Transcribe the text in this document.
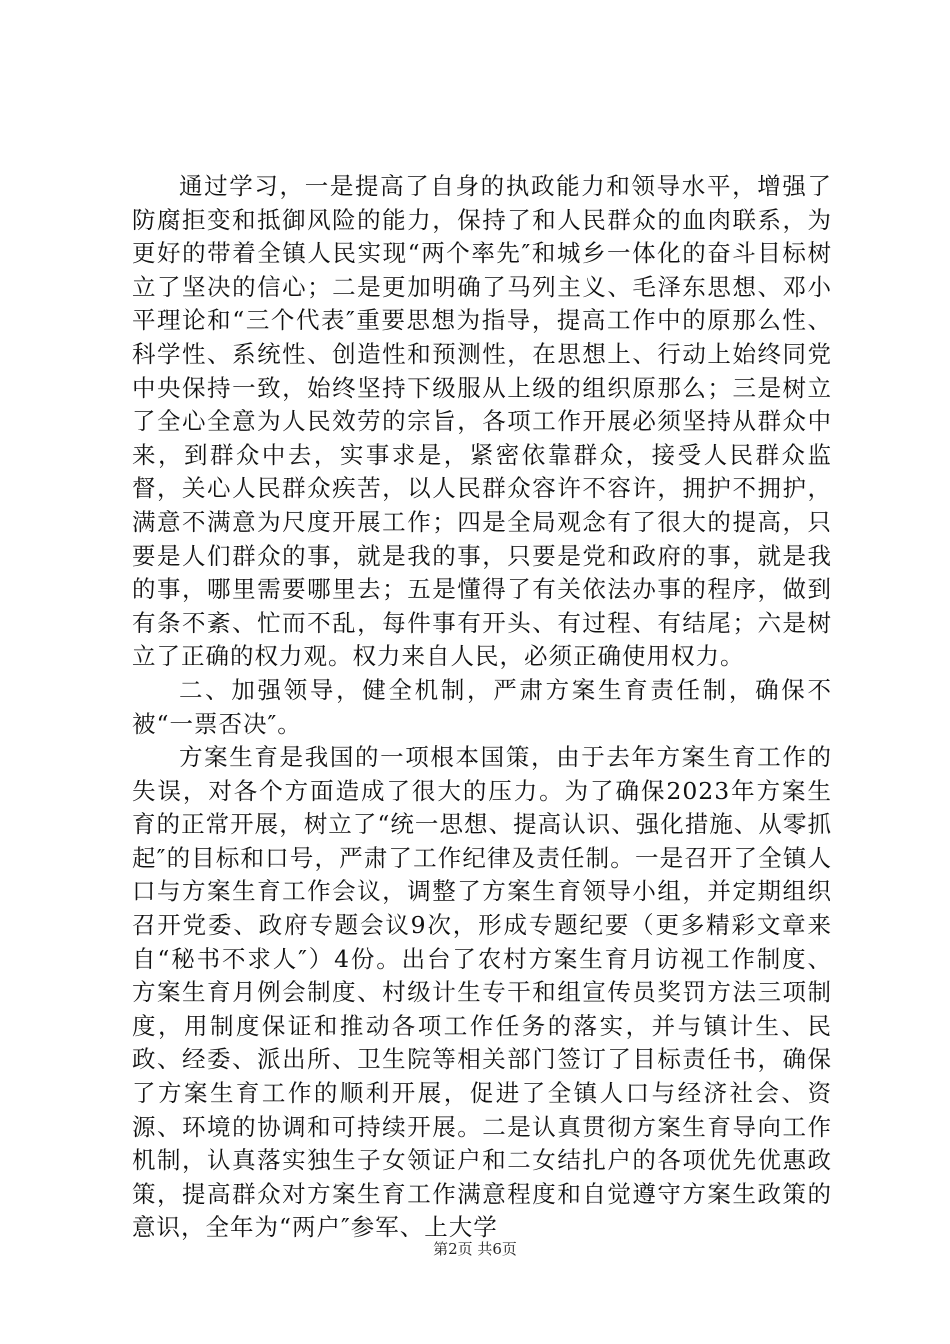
通过学习，一是提高了自身的执政能力和领导水平，增强了防腐拒变和抵御风险的能力，保持了和人民群众的血肉联系，为更好的带着全镇人民实现“两个率先″和城乡一体化的奋斗目标树立了坚决的信心；二是更加明确了马列主义、毛泽东思想、邓小平理论和“三个代表″重要思想为指导，提高工作中的原那么性、科学性、系统性、创造性和预测性，在思想上、行动上始终同党中央保持一致，始终坚持下级服从上级的组织原那么；三是树立了全心全意为人民效劳的宗旨，各项工作开展必须坚持从群众中来，到群众中去，实事求是，紧密依靠群众，接受人民群众监督，关心人民群众疾苦，以人民群众容许不容许，拥护不拥护，满意不满意为尺度开展工作；四是全局观念有了很大的提高，只要是人们群众的事，就是我的事，只要是党和政府的事，就是我的事，哪里需要哪里去；五是懂得了有关依法办事的程序，做到有条不紊、忙而不乱，每件事有开头、有过程、有结尾；六是树立了正确的权力观。权力来自人民，必须正确使用权力。

二、加强领导，健全机制，严肃方案生育责任制，确保不被“一票否决″。

方案生育是我国的一项根本国策，由于去年方案生育工作的失误，对各个方面造成了很大的压力。为了确保2023年方案生育的正常开展，树立了“统一思想、提高认识、强化措施、从零抓起″的目标和口号，严肃了工作纪律及责任制。一是召开了全镇人口与方案生育工作会议，调整了方案生育领导小组，并定期组织召开党委、政府专题会议9次，形成专题纪要（更多精彩文章来自“秘书不求人″）4份。出台了农村方案生育月访视工作制度、方案生育月例会制度、村级计生专干和组宣传员奖罚方法三项制度，用制度保证和推动各项工作任务的落实，并与镇计生、民政、经委、派出所、卫生院等相关部门签订了目标责任书，确保了方案生育工作的顺利开展，促进了全镇人口与经济社会、资源、环境的协调和可持续开展。二是认真贯彻方案生育导向工作机制，认真落实独生子女领证户和二女结扎户的各项优先优惠政策，提高群众对方案生育工作满意程度和自觉遵守方案生政策的意识，全年为“两户″参军、上大学

第2页 共6页
